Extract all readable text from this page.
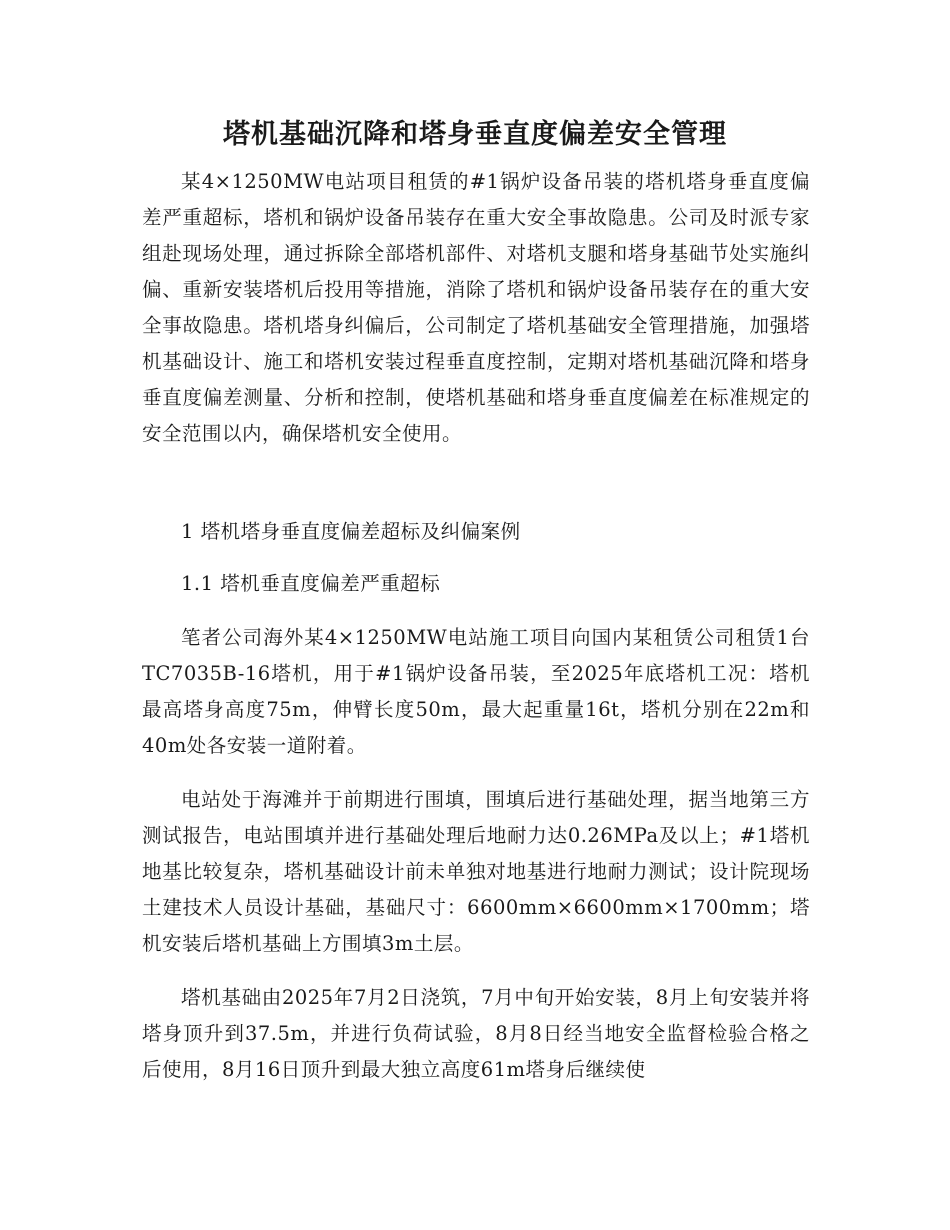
塔机基础沉降和塔身垂直度偏差安全管理

某4×1250MW电站项目租赁的#1锅炉设备吊装的塔机塔身垂直度偏差严重超标，塔机和锅炉设备吊装存在重大安全事故隐患。公司及时派专家组赴现场处理，通过拆除全部塔机部件、对塔机支腿和塔身基础节处实施纠偏、重新安装塔机后投用等措施，消除了塔机和锅炉设备吊装存在的重大安全事故隐患。塔机塔身纠偏后，公司制定了塔机基础安全管理措施，加强塔机基础设计、施工和塔机安装过程垂直度控制，定期对塔机基础沉降和塔身垂直度偏差测量、分析和控制，使塔机基础和塔身垂直度偏差在标准规定的安全范围以内，确保塔机安全使用。

1 塔机塔身垂直度偏差超标及纠偏案例

1.1 塔机垂直度偏差严重超标

笔者公司海外某4×1250MW电站施工项目向国内某租赁公司租赁1台TC7035B-16塔机，用于#1锅炉设备吊装，至2025年底塔机工况：塔机最高塔身高度75m，伸臂长度50m，最大起重量16t，塔机分别在22m和40m处各安装一道附着。

电站处于海滩并于前期进行围填，围填后进行基础处理，据当地第三方测试报告，电站围填并进行基础处理后地耐力达0.26MPa及以上；#1塔机地基比较复杂，塔机基础设计前未单独对地基进行地耐力测试；设计院现场土建技术人员设计基础，基础尺寸：6600mm×6600mm×1700mm；塔机安装后塔机基础上方围填3m土层。

塔机基础由2025年7月2日浇筑，7月中旬开始安装，8月上旬安装并将塔身顶升到37.5m，并进行负荷试验，8月8日经当地安全监督检验合格之后使用，8月16日顶升到最大独立高度61m塔身后继续使
